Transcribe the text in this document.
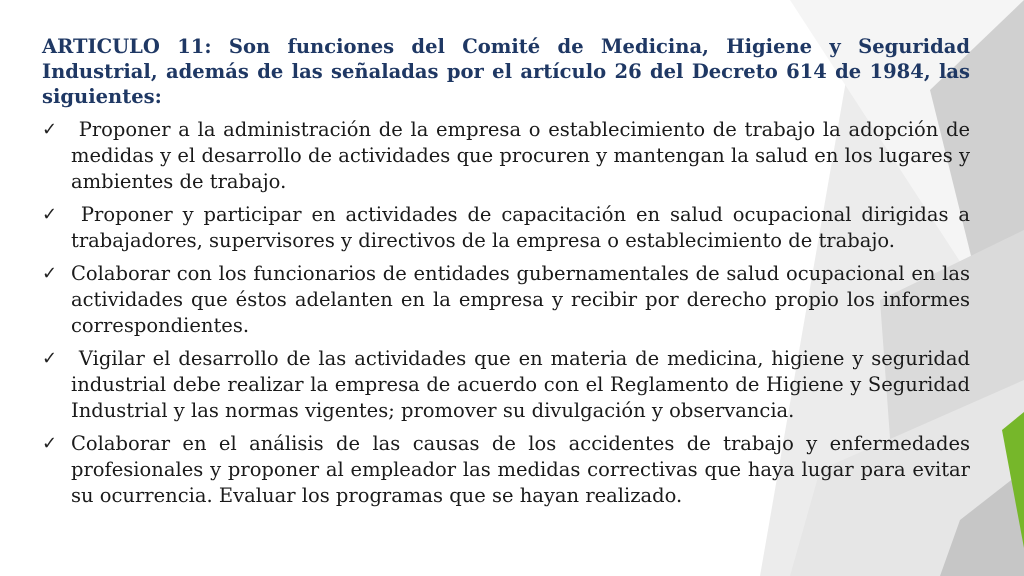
ARTICULO 11: Son funciones del Comité de Medicina, Higiene y Seguridad Industrial, además de las señaladas por el artículo 26 del Decreto 614 de 1984, las siguientes:

✓ Proponer a la administración de la empresa o establecimiento de trabajo la adopción de medidas y el desarrollo de actividades que procuren y mantengan la salud en los lugares y ambientes de trabajo.
✓ Proponer y participar en actividades de capacitación en salud ocupacional dirigidas a trabajadores, supervisores y directivos de la empresa o establecimiento de trabajo.
✓ Colaborar con los funcionarios de entidades gubernamentales de salud ocupacional en las actividades que éstos adelanten en la empresa y recibir por derecho propio los informes correspondientes.
✓ Vigilar el desarrollo de las actividades que en materia de medicina, higiene y seguridad industrial debe realizar la empresa de acuerdo con el Reglamento de Higiene y Seguridad Industrial y las normas vigentes; promover su divulgación y observancia.
✓ Colaborar en el análisis de las causas de los accidentes de trabajo y enfermedades profesionales y proponer al empleador las medidas correctivas que haya lugar para evitar su ocurrencia. Evaluar los programas que se hayan realizado.
